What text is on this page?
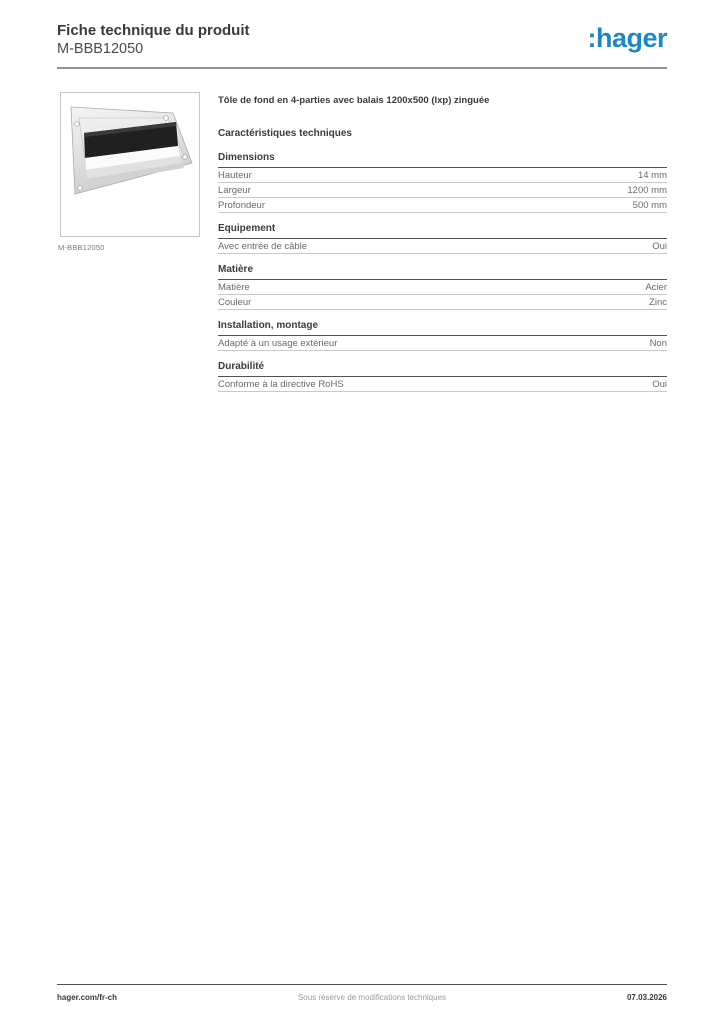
Fiche technique du produit
M-BBB12050	:hager
M-BBB12050

Tôle de fond en 4-parties avec balais 1200x500 (lxp) zinguée

Caractéristiques techniques
Dimensions
Hauteur	14 mm
Largeur	1200 mm
Profondeur	500 mm
Equipement
Avec entrée de câble	Oui
Matière
Matière	Acier
Couleur	Zinc
Installation, montage
Adapté à un usage extérieur	Non
Durabilité
Conforme à la directive RoHS	Oui
hager.com/fr-ch	Sous réserve de modifications techniques	07.03.2026
